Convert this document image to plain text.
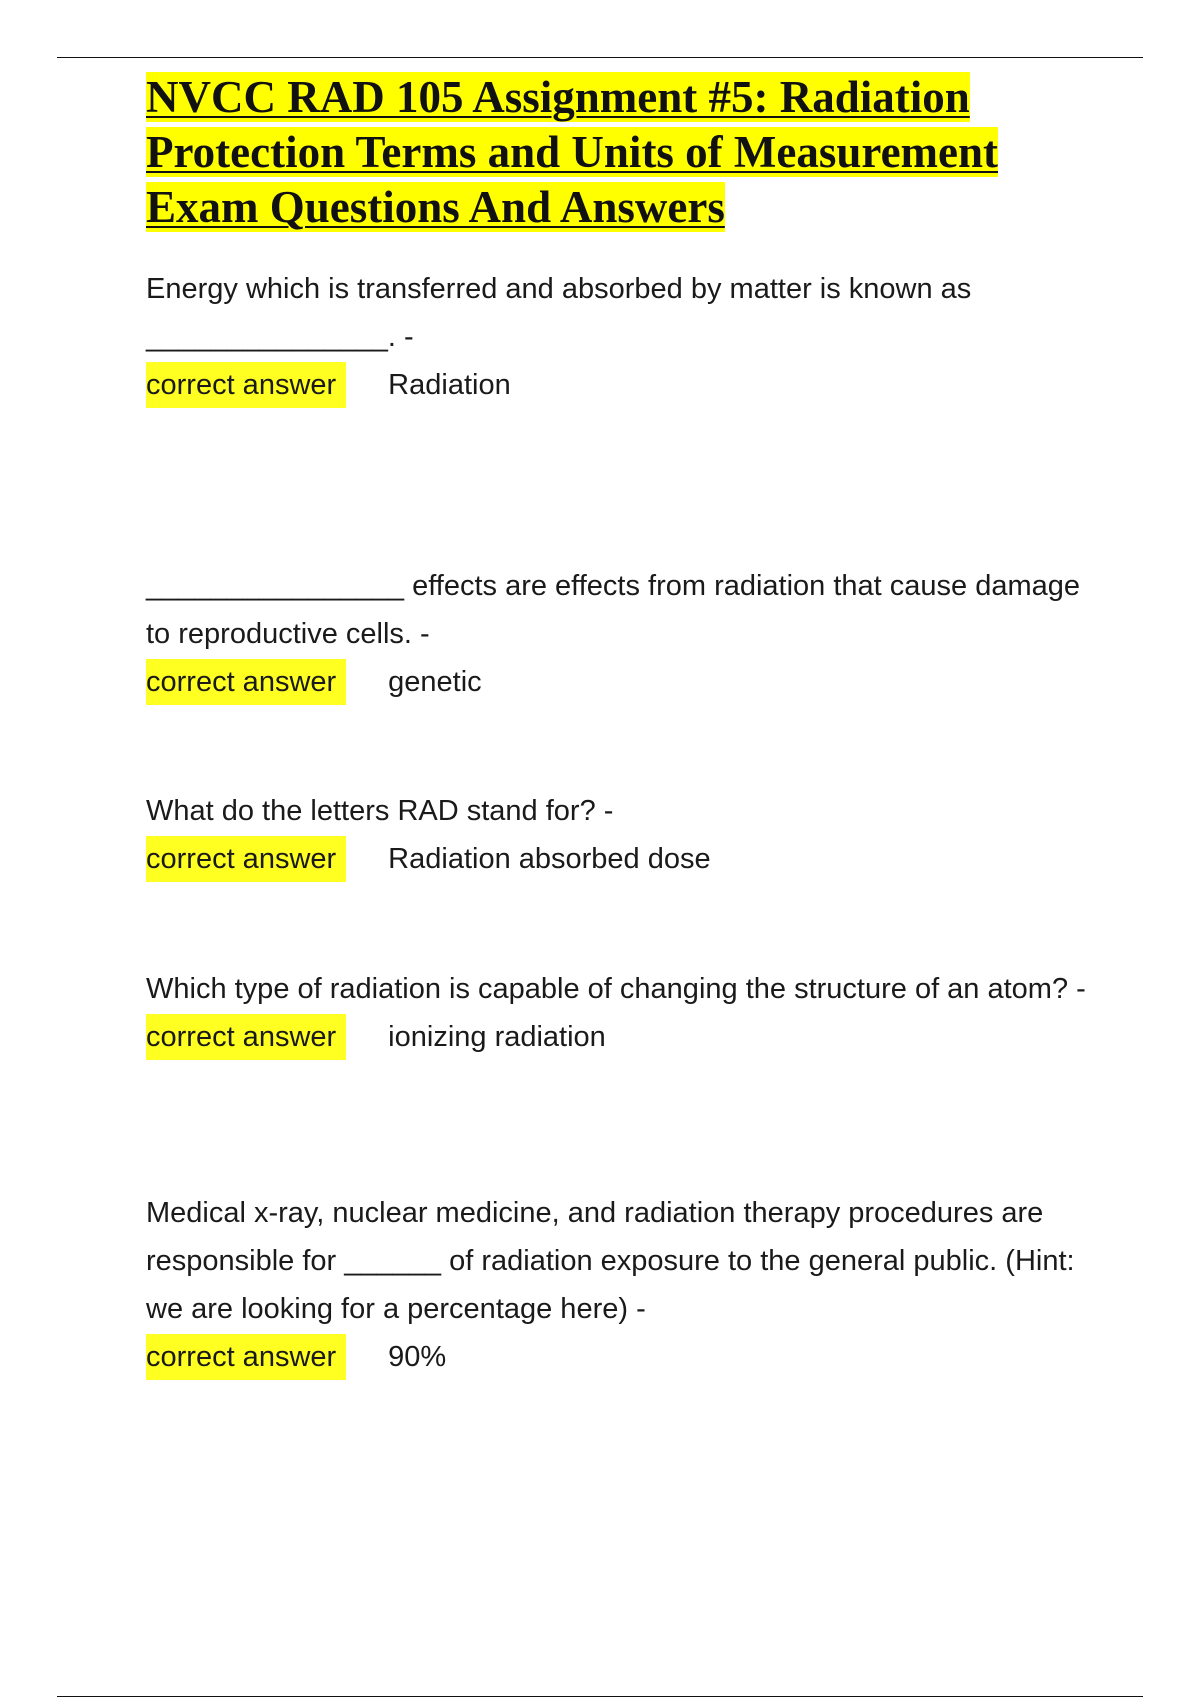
NVCC RAD 105 Assignment #5: Radiation Protection Terms and Units of Measurement Exam Questions And Answers

Energy which is transferred and absorbed by matter is known as
_______________. -

correct answer	Radiation

________________ effects are effects from radiation that cause damage to reproductive cells. -

correct answer	genetic

What do the letters RAD stand for? -

correct answer	Radiation absorbed dose

Which type of radiation is capable of changing the structure of an atom? -

correct answer	ionizing radiation

Medical x-ray, nuclear medicine, and radiation therapy procedures are responsible for ______ of radiation exposure to the general public. (Hint: we are looking for a percentage here) -

correct answer	90%
